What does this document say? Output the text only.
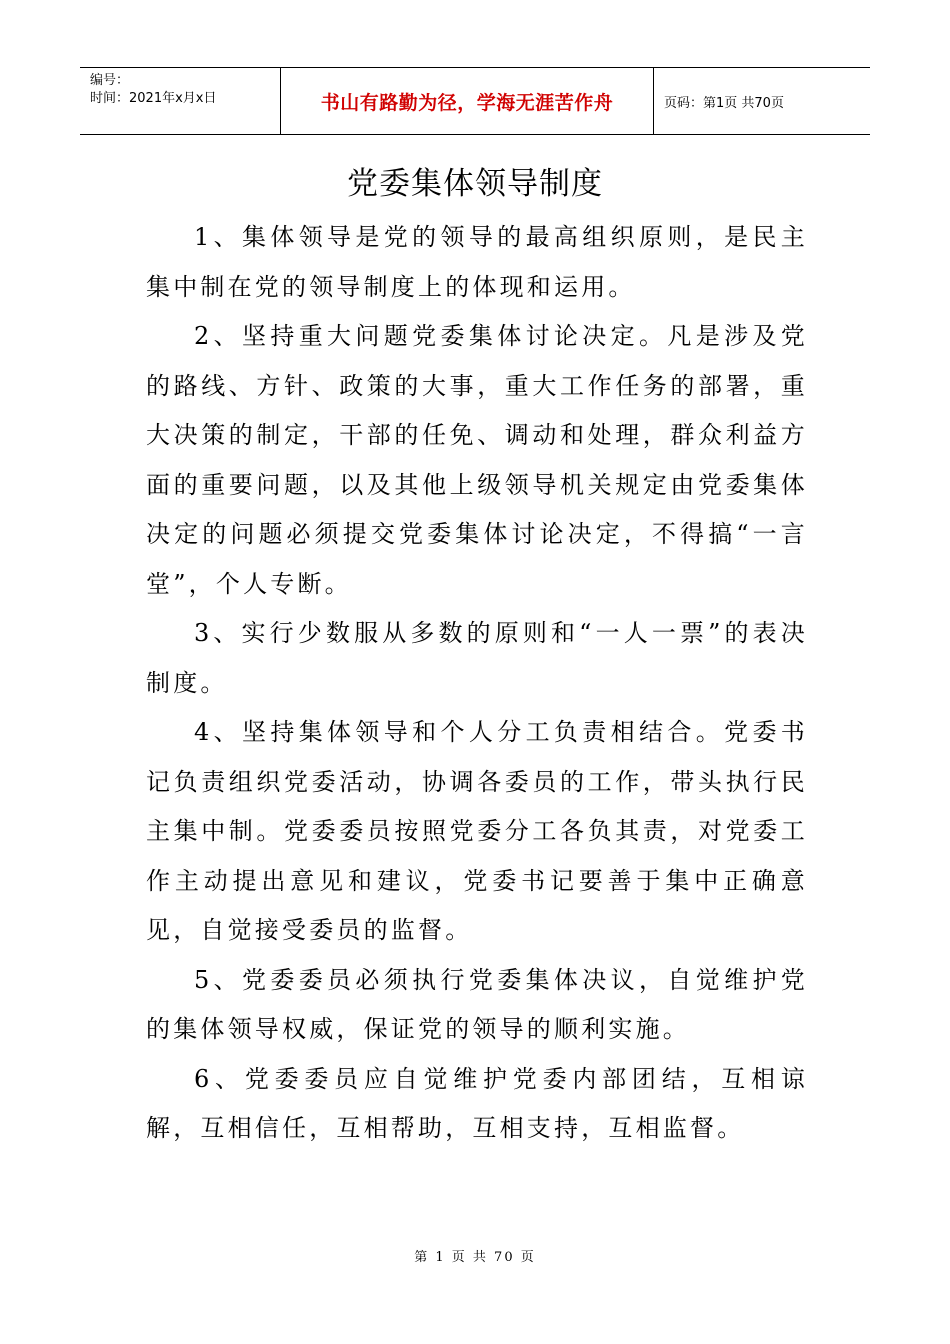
编号：
时间：2021年x月x日	书山有路勤为径，学海无涯苦作舟	页码：第1页 共70页
党委集体领导制度

1、集体领导是党的领导的最高组织原则，是民主集中制在党的领导制度上的体现和运用。

2、坚持重大问题党委集体讨论决定。凡是涉及党的路线、方针、政策的大事，重大工作任务的部署，重大决策的制定，干部的任免、调动和处理，群众利益方面的重要问题，以及其他上级领导机关规定由党委集体决定的问题必须提交党委集体讨论决定，不得搞“一言堂”，个人专断。

3、实行少数服从多数的原则和“一人一票”的表决制度。

4、坚持集体领导和个人分工负责相结合。党委书记负责组织党委活动，协调各委员的工作，带头执行民主集中制。党委委员按照党委分工各负其责，对党委工作主动提出意见和建议，党委书记要善于集中正确意见，自觉接受委员的监督。

5、党委委员必须执行党委集体决议，自觉维护党的集体领导权威，保证党的领导的顺利实施。

6、党委委员应自觉维护党委内部团结，互相谅解，互相信任，互相帮助，互相支持，互相监督。

第 1 页 共 70 页
